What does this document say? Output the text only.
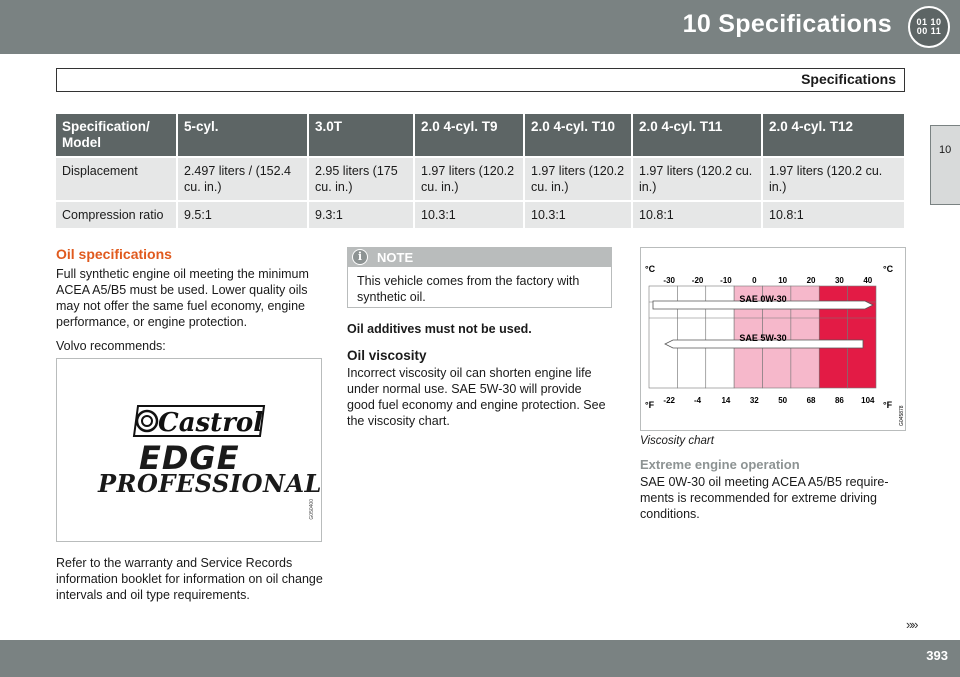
10 Specifications	01 10
00 11
Specifications
10
Specification/ Model	5-cyl.	3.0T	2.0 4-cyl. T9	2.0 4-cyl. T10	2.0 4-cyl. T11	2.0 4-cyl. T12
Displacement	2.497 liters / (152.4 cu. in.)	2.95 liters (175 cu. in.)	1.97 liters (120.2 cu. in.)	1.97 liters (120.2 cu. in.)	1.97 liters (120.2 cu. in.)	1.97 liters (120.2 cu. in.)
Compression ratio	9.5:1	9.3:1	10.3:1	10.3:1	10.8:1	10.8:1
Oil specifications
Full synthetic engine oil meeting the minimum ACEA A5/B5 must be used. Lower quality oils may not offer the same fuel economy, engine performance, or engine protection.
Volvo recommends:
Castrol
EDGE
PROFESSIONAL
G050400
Refer to the warranty and Service Records information booklet for information on oil change intervals and oil type requirements.
i	NOTE
This vehicle comes from the factory with synthetic oil.
Oil additives must not be used.
Oil viscosity
Incorrect viscosity oil can shorten engine life under normal use. SAE 5W-30 will provide good fuel economy and engine protection. See the viscosity chart.
SAE 0W-30
SAE 5W-30
-30
-22
-20
-4
-10
14
0
32
10
50
20
68
30
86
40
104
°C	°C
°F	°F
G045878
Viscosity chart
Extreme engine operation
SAE 0W-30 oil meeting ACEA A5/B5 require-ments is recommended for extreme driving conditions.
»»
393
